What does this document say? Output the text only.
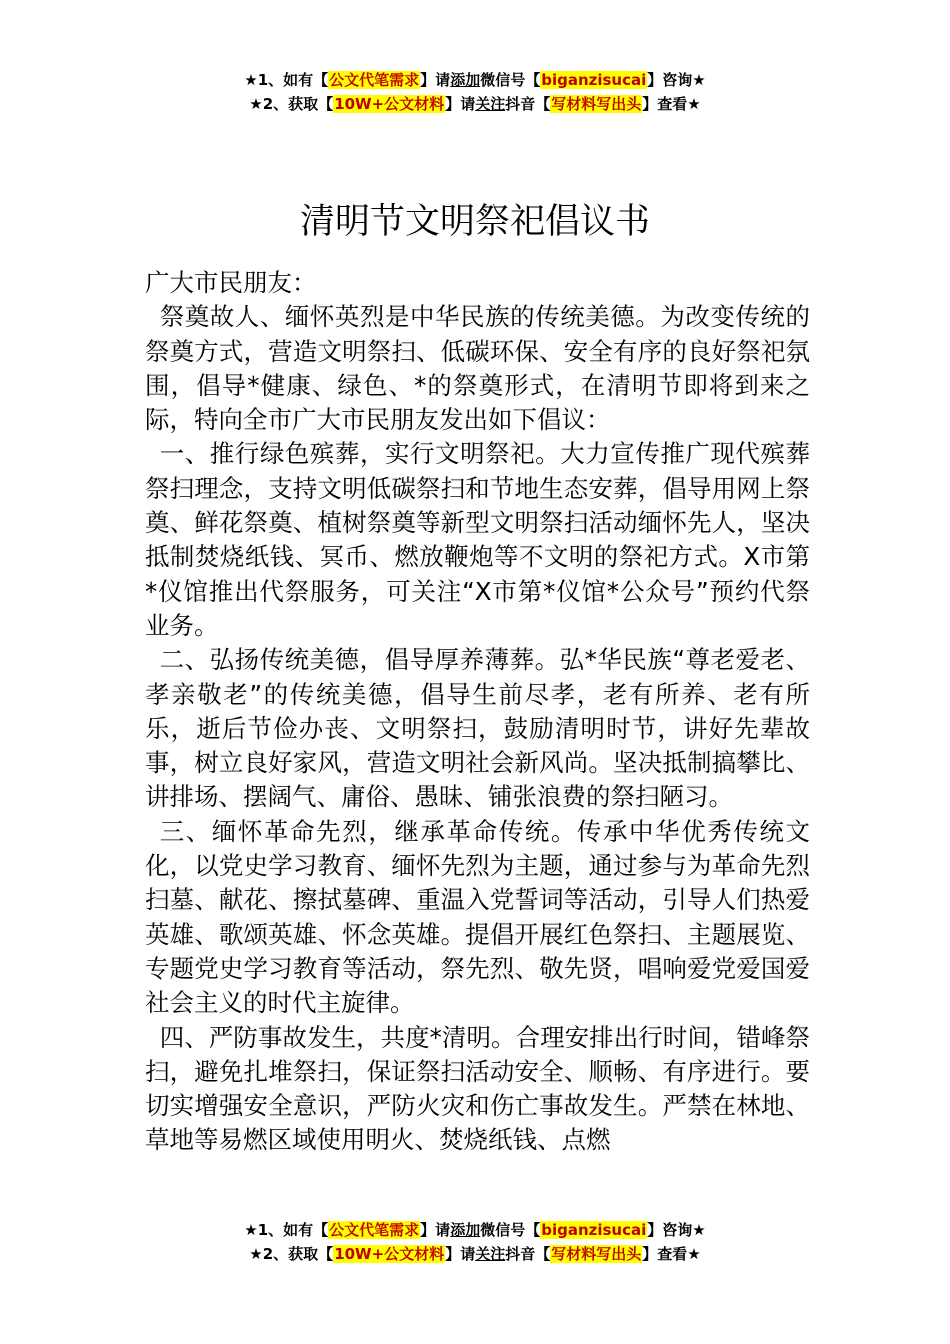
★1、如有【公文代笔需求】请添加微信号【biganzisucai】咨询★
★2、获取【10W+公文材料】请关注抖音【写材料写出头】查看★
清明节文明祭祀倡议书

广大市民朋友：

祭奠故人、缅怀英烈是中华民族的传统美德。为改变传统的祭奠方式，营造文明祭扫、低碳环保、安全有序的良好祭祀氛围，倡导*健康、绿色、*的祭奠形式，在清明节即将到来之际，特向全市广大市民朋友发出如下倡议：

一、推行绿色殡葬，实行文明祭祀。大力宣传推广现代殡葬祭扫理念，支持文明低碳祭扫和节地生态安葬，倡导用网上祭奠、鲜花祭奠、植树祭奠等新型文明祭扫活动缅怀先人，坚决抵制焚烧纸钱、冥币、燃放鞭炮等不文明的祭祀方式。X市第*仪馆推出代祭服务，可关注“X市第*仪馆*公众号”预约代祭业务。

二、弘扬传统美德，倡导厚养薄葬。弘*华民族“尊老爱老、孝亲敬老”的传统美德，倡导生前尽孝，老有所养、老有所乐，逝后节俭办丧、文明祭扫，鼓励清明时节，讲好先辈故事，树立良好家风，营造文明社会新风尚。坚决抵制搞攀比、讲排场、摆阔气、庸俗、愚昧、铺张浪费的祭扫陋习。

三、缅怀革命先烈，继承革命传统。传承中华优秀传统文化，以党史学习教育、缅怀先烈为主题，通过参与为革命先烈扫墓、献花、擦拭墓碑、重温入党誓词等活动，引导人们热爱英雄、歌颂英雄、怀念英雄。提倡开展红色祭扫、主题展览、专题党史学习教育等活动，祭先烈、敬先贤，唱响爱党爱国爱社会主义的时代主旋律。

四、严防事故发生，共度*清明。合理安排出行时间，错峰祭扫，避免扎堆祭扫，保证祭扫活动安全、顺畅、有序进行。要切实增强安全意识，严防火灾和伤亡事故发生。严禁在林地、草地等易燃区域使用明火、焚烧纸钱、点燃

★1、如有【公文代笔需求】请添加微信号【biganzisucai】咨询★
★2、获取【10W+公文材料】请关注抖音【写材料写出头】查看★
